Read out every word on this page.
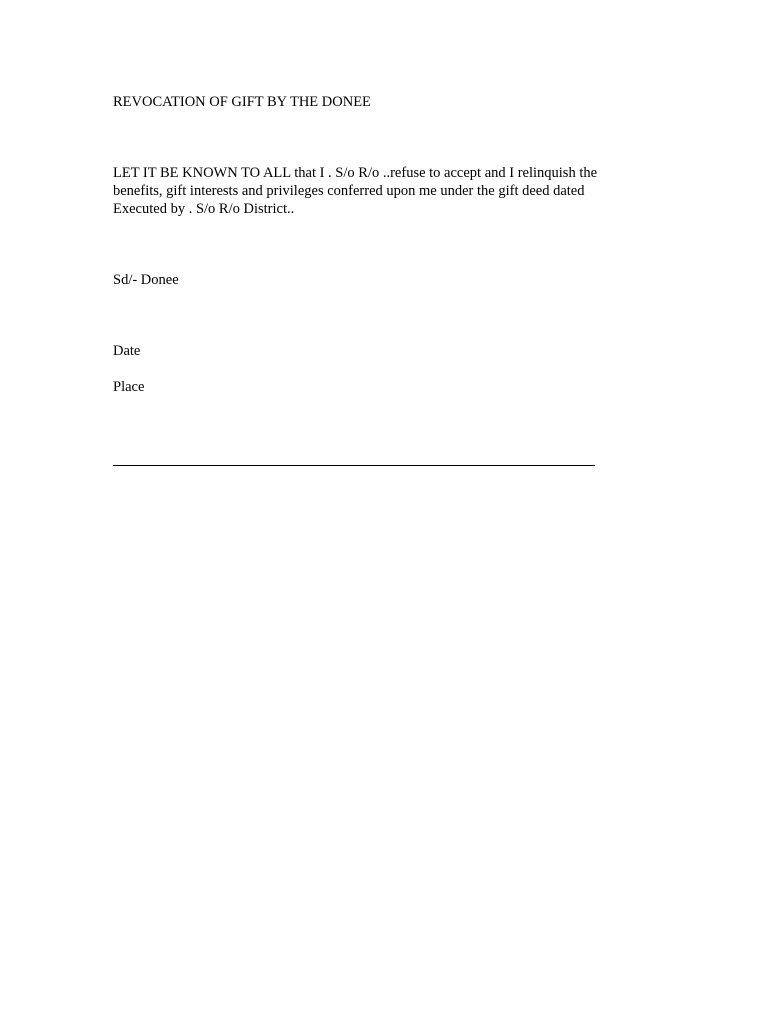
REVOCATION OF GIFT BY THE DONEE

LET IT BE KNOWN TO ALL that I . S/o R/o ..refuse to accept and I relinquish the
benefits, gift interests and privileges conferred upon me under the gift deed dated
Executed by . S/o R/o District..

Sd/- Donee

Date

Place
